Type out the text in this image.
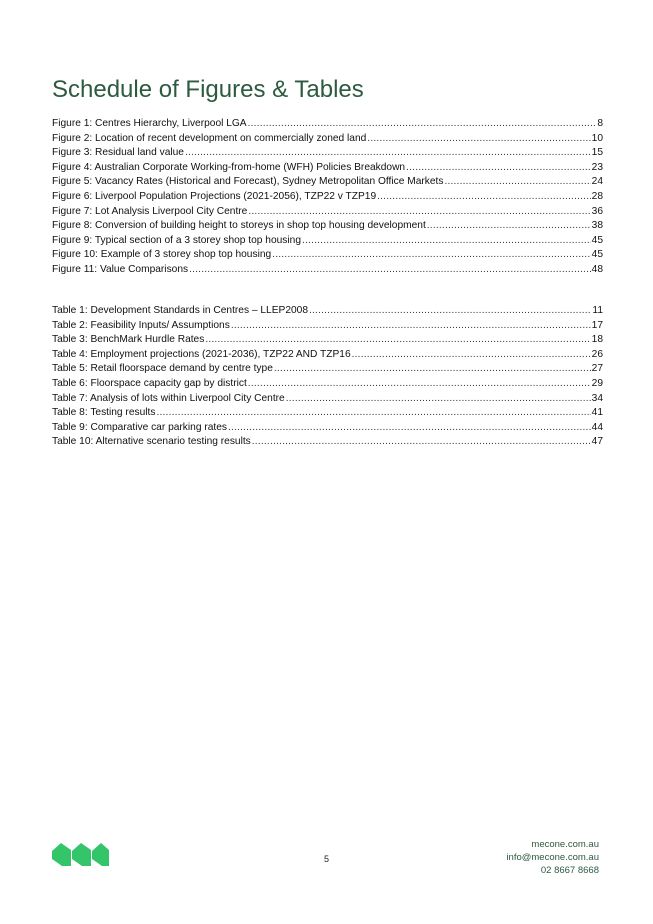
Schedule of Figures & Tables
Figure 1: Centres Hierarchy, Liverpool LGA .....	8
Figure 2: Location of recent development on commercially zoned land .....	10
Figure 3: Residual land value .....	15
Figure 4: Australian Corporate Working-from-home (WFH) Policies Breakdown .....	23
Figure 5: Vacancy Rates (Historical and Forecast), Sydney Metropolitan Office Markets .....	24
Figure 6: Liverpool Population Projections (2021-2056), TZP22 v TZP19 .....	28
Figure 7: Lot Analysis Liverpool City Centre .....	36
Figure 8: Conversion of building height to storeys in shop top housing development .....	38
Figure 9: Typical section of a 3 storey shop top housing .....	45
Figure 10: Example of 3 storey shop top housing .....	45
Figure 11: Value Comparisons .....	48
Table 1: Development Standards in Centres – LLEP2008 .....	11
Table 2: Feasibility Inputs/ Assumptions .....	17
Table 3: BenchMark Hurdle Rates .....	18
Table 4: Employment projections (2021-2036), TZP22 AND TZP16 .....	26
Table 5: Retail floorspace demand by centre type .....	27
Table 6: Floorspace capacity gap by district .....	29
Table 7: Analysis of lots within Liverpool City Centre .....	34
Table 8: Testing results .....	41
Table 9: Comparative car parking rates .....	44
Table 10: Alternative scenario testing results .....	47
5
mecone.com.au
info@mecone.com.au
02 8667 8668
